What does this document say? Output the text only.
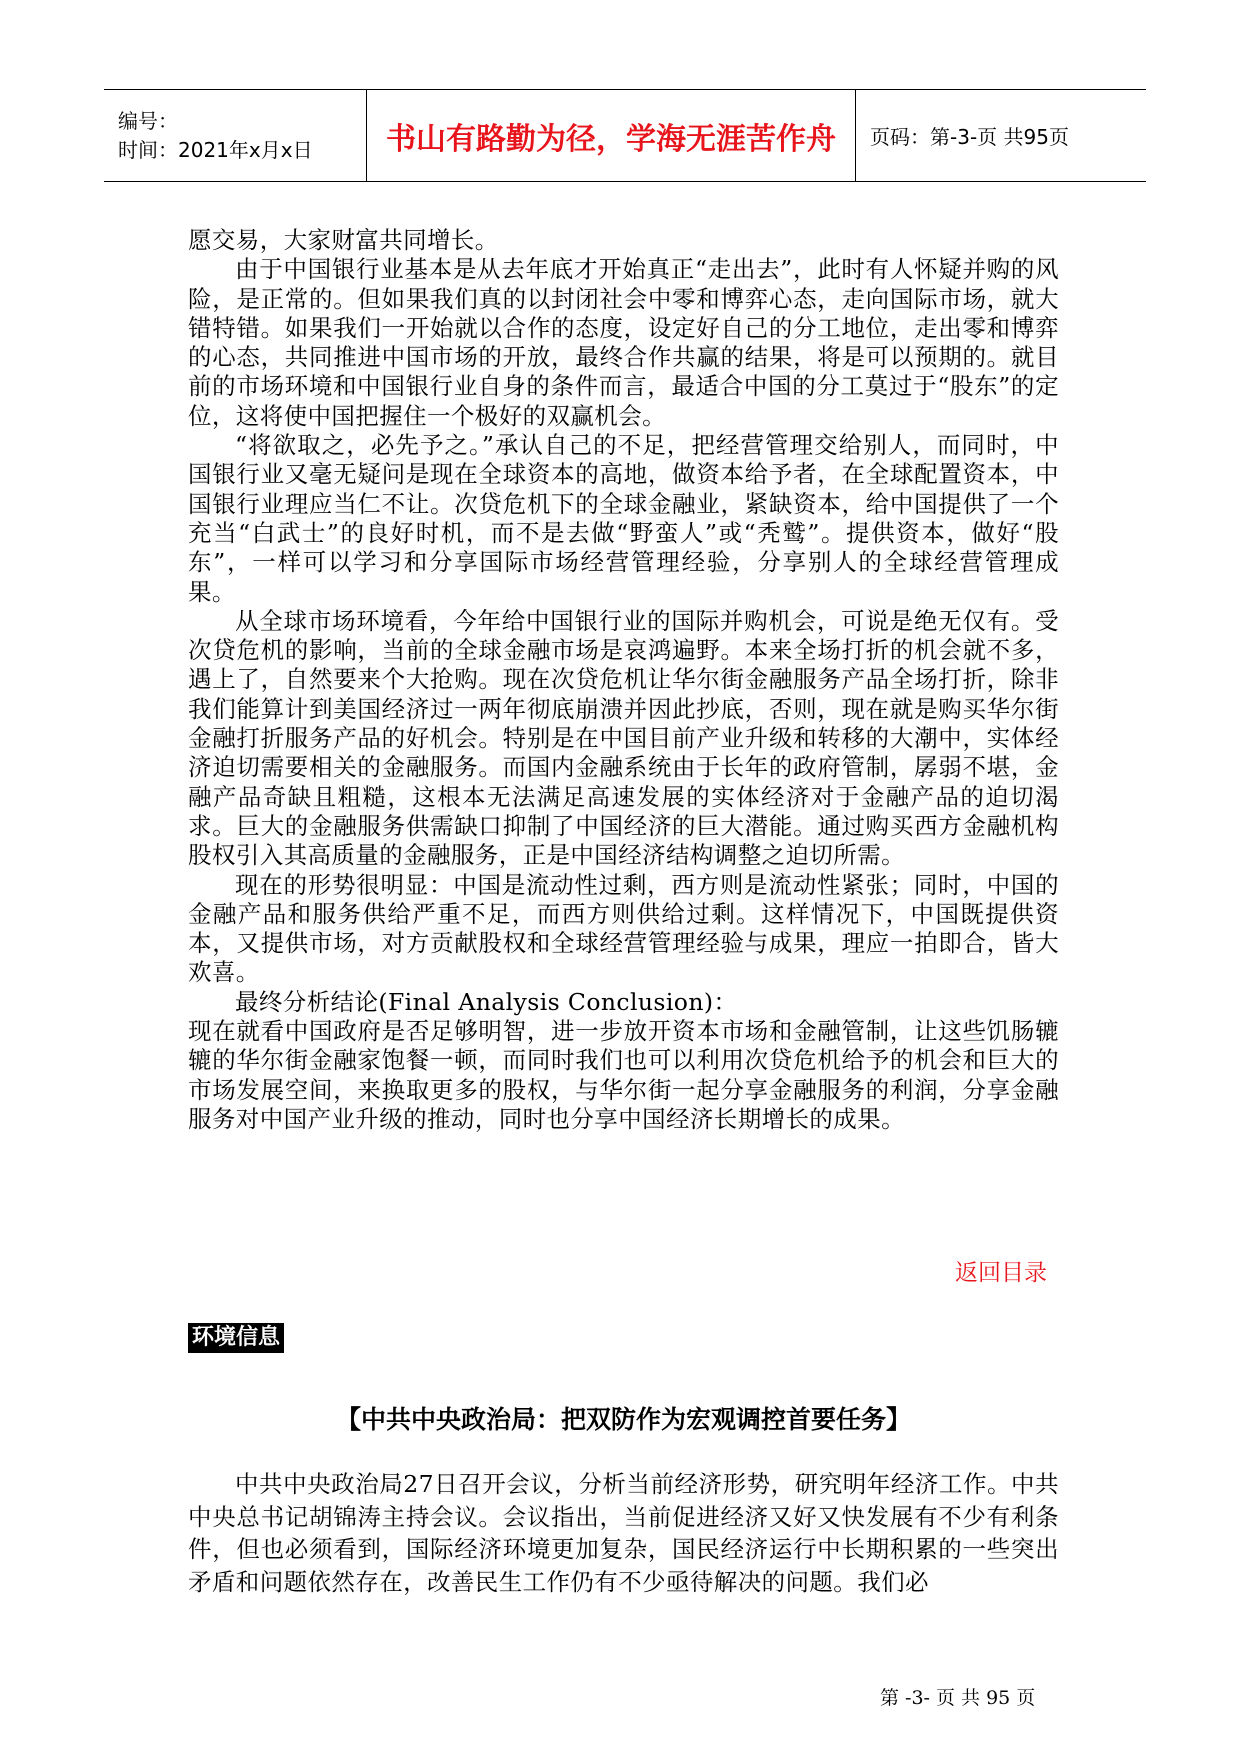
编号：
时间：2021年x月x日	书山有路勤为径，学海无涯苦作舟	页码：第-3-页 共95页

愿交易，大家财富共同增长。

由于中国银行业基本是从去年底才开始真正“走出去”，此时有人怀疑并购的风险，是正常的。但如果我们真的以封闭社会中零和博弈心态，走向国际市场，就大错特错。如果我们一开始就以合作的态度，设定好自己的分工地位，走出零和博弈的心态，共同推进中国市场的开放，最终合作共赢的结果，将是可以预期的。就目前的市场环境和中国银行业自身的条件而言，最适合中国的分工莫过于“股东”的定位，这将使中国把握住一个极好的双赢机会。

“将欲取之，必先予之。”承认自己的不足，把经营管理交给别人，而同时，中国银行业又毫无疑问是现在全球资本的高地，做资本给予者，在全球配置资本，中国银行业理应当仁不让。次贷危机下的全球金融业，紧缺资本，给中国提供了一个充当“白武士”的良好时机，而不是去做“野蛮人”或“秃鹫”。提供资本，做好“股东”，一样可以学习和分享国际市场经营管理经验，分享别人的全球经营管理成果。

从全球市场环境看，今年给中国银行业的国际并购机会，可说是绝无仅有。受次贷危机的影响，当前的全球金融市场是哀鸿遍野。本来全场打折的机会就不多，遇上了，自然要来个大抢购。现在次贷危机让华尔街金融服务产品全场打折，除非我们能算计到美国经济过一两年彻底崩溃并因此抄底，否则，现在就是购买华尔街金融打折服务产品的好机会。特别是在中国目前产业升级和转移的大潮中，实体经济迫切需要相关的金融服务。而国内金融系统由于长年的政府管制，孱弱不堪，金融产品奇缺且粗糙，这根本无法满足高速发展的实体经济对于金融产品的迫切渴求。巨大的金融服务供需缺口抑制了中国经济的巨大潜能。通过购买西方金融机构股权引入其高质量的金融服务，正是中国经济结构调整之迫切所需。

现在的形势很明显：中国是流动性过剩，西方则是流动性紧张；同时，中国的金融产品和服务供给严重不足，而西方则供给过剩。这样情况下，中国既提供资本，又提供市场，对方贡献股权和全球经营管理经验与成果，理应一拍即合，皆大欢喜。

最终分析结论(Final Analysis Conclusion)：

现在就看中国政府是否足够明智，进一步放开资本市场和金融管制，让这些饥肠辘辘的华尔街金融家饱餐一顿，而同时我们也可以利用次贷危机给予的机会和巨大的市场发展空间，来换取更多的股权，与华尔街一起分享金融服务的利润，分享金融服务对中国产业升级的推动，同时也分享中国经济长期增长的成果。

返回目录
环境信息
【中共中央政治局：把双防作为宏观调控首要任务】

中共中央政治局27日召开会议，分析当前经济形势，研究明年经济工作。中共中央总书记胡锦涛主持会议。会议指出，当前促进经济又好又快发展有不少有利条件，但也必须看到，国际经济环境更加复杂，国民经济运行中长期积累的一些突出矛盾和问题依然存在，改善民生工作仍有不少亟待解决的问题。我们必

第 -3- 页 共 95 页
